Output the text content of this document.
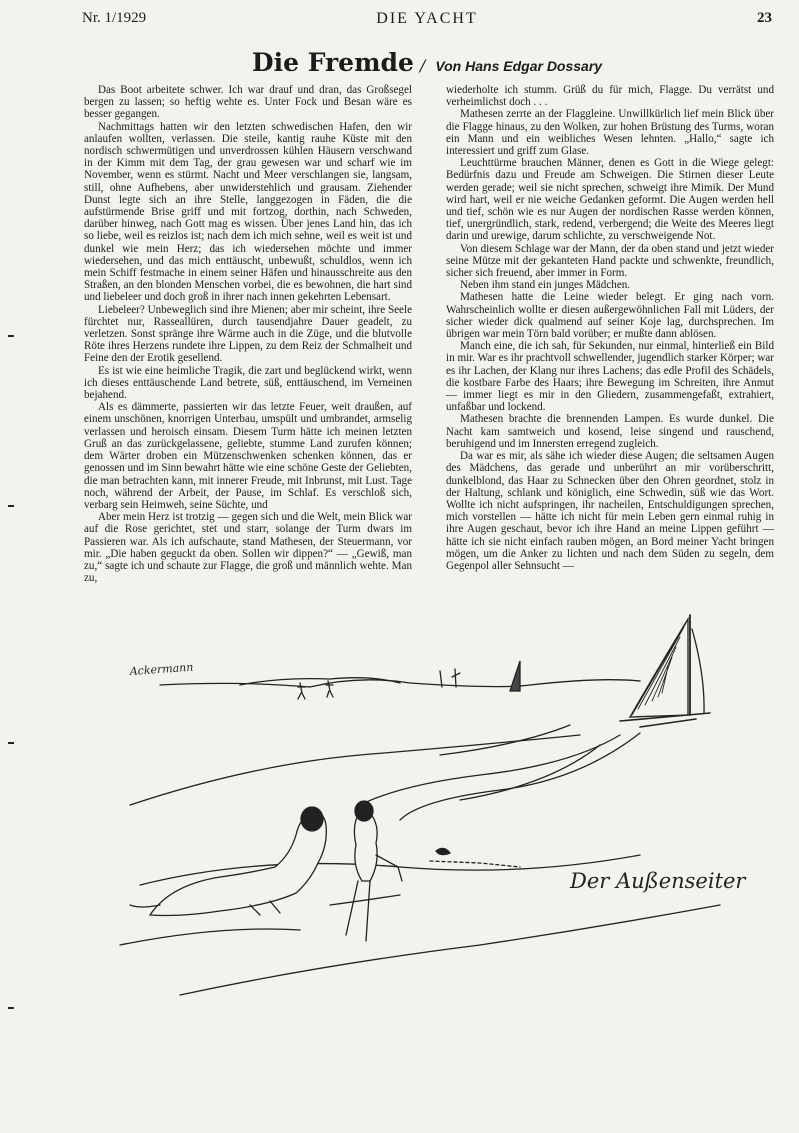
Nr. 1/1929	DIE YACHT	23
Die Fremde / Von Hans Edgar Dossary

Das Boot arbeitete schwer. Ich war drauf und dran, das Großsegel bergen zu lassen; so heftig wehte es. Unter Fock und Besan wäre es besser gegangen.

Nachmittags hatten wir den letzten schwedischen Hafen, den wir anlaufen wollten, verlassen. Die steile, kantig rauhe Küste mit den nordisch schwermütigen und unverdrossen kühlen Häusern verschwand in der Kimm mit dem Tag, der grau gewesen war und scharf wie im November, wenn es stürmt. Nacht und Meer verschlangen sie, langsam, still, ohne Aufhebens, aber unwiderstehlich und grausam. Ziehender Dunst legte sich an ihre Stelle, langgezogen in Fäden, die die aufstürmende Brise griff und mit fortzog, dorthin, nach Schweden, darüber hinweg, nach Gott mag es wissen. Über jenes Land hin, das ich so liebe, weil es reizlos ist; nach dem ich mich sehne, weil es weit ist und dunkel wie mein Herz; das ich wiedersehen möchte und immer wiedersehen, und das mich enttäuscht, unbewußt, schuldlos, wenn ich mein Schiff festmache in einem seiner Häfen und hinausschreite aus den Straßen, an den blonden Menschen vorbei, die es bewohnen, die hart sind und liebeleer und doch groß in ihrer nach innen gekehrten Lebensart.

Liebeleer? Unbeweglich sind ihre Mienen; aber mir scheint, ihre Seele fürchtet nur, Rasseallüren, durch tausendjahre Dauer geadelt, zu verletzen. Sonst spränge ihre Wärme auch in die Züge, und die blutvolle Röte ihres Herzens rundete ihre Lippen, zu dem Reiz der Schmalheit und Feine den der Erotik gesellend.

Es ist wie eine heimliche Tragik, die zart und beglückend wirkt, wenn ich dieses enttäuschende Land betrete, süß, enttäuschend, im Verneinen bejahend.

Als es dämmerte, passierten wir das letzte Feuer, weit draußen, auf einem unschönen, knorrigen Unterbau, umspült und umbrandet, armselig verlassen und heroisch einsam. Diesem Turm hätte ich meinen letzten Gruß an das zurückgelassene, geliebte, stumme Land zurufen können; dem Wärter droben ein Mützenschwenken schenken können, das er genossen und im Sinn bewahrt hätte wie eine schöne Geste der Geliebten, die man betrachten kann, mit innerer Freude, mit Inbrunst, mit Lust. Tage noch, während der Arbeit, der Pause, im Schlaf. Es verschloß sich, verbarg sein Heimweh, seine Süchte, und

Aber mein Herz ist trotzig — gegen sich und die Welt, mein Blick war auf die Rose gerichtet, stet und starr, solange der Turm dwars im Passieren war. Als ich aufschaute, stand Mathesen, der Steuermann, vor mir. „Die haben geguckt da oben. Sollen wir dippen?“ — „Gewiß, man zu,“ sagte ich und schaute zur Flagge, die groß und männlich wehte. Man zu,

wiederholte ich stumm. Grüß du für mich, Flagge. Du verrätst und verheimlichst doch . . .

Mathesen zerrte an der Flaggleine. Unwillkürlich lief mein Blick über die Flagge hinaus, zu den Wolken, zur hohen Brüstung des Turms, woran ein Mann und ein weibliches Wesen lehnten. „Hallo,“ sagte ich interessiert und griff zum Glase.

Leuchttürme brauchen Männer, denen es Gott in die Wiege gelegt: Bedürfnis dazu und Freude am Schweigen. Die Stirnen dieser Leute werden gerade; weil sie nicht sprechen, schweigt ihre Mimik. Der Mund wird hart, weil er nie weiche Gedanken geformt. Die Augen werden hell und tief, schön wie es nur Augen der nordischen Rasse werden können, tief, unergründlich, stark, redend, verbergend; die Weite des Meeres liegt darin und urewige, darum schlichte, zu verschweigende Not.

Von diesem Schlage war der Mann, der da oben stand und jetzt wieder seine Mütze mit der gekanteten Hand packte und schwenkte, freundlich, sicher sich freuend, aber immer in Form.

Neben ihm stand ein junges Mädchen.

Mathesen hatte die Leine wieder belegt. Er ging nach vorn. Wahrscheinlich wollte er diesen außergewöhnlichen Fall mit Lüders, der sicher wieder dick qualmend auf seiner Koje lag, durchsprechen. Im übrigen war mein Törn bald vorüber; er mußte dann ablösen.

Manch eine, die ich sah, für Sekunden, nur einmal, hinterließ ein Bild in mir. War es ihr prachtvoll schwellender, jugendlich starker Körper; war es ihr Lachen, der Klang nur ihres Lachens; das edle Profil des Schädels, die kostbare Farbe des Haars; ihre Bewegung im Schreiten, ihre Anmut — immer liegt es mir in den Gliedern, zusammengefaßt, extrahiert, unfaßbar und lockend.

Mathesen brachte die brennenden Lampen. Es wurde dunkel. Die Nacht kam samtweich und kosend, leise singend und rauschend, beruhigend und im Innersten erregend zugleich.

Da war es mir, als sähe ich wieder diese Augen; die seltsamen Augen des Mädchens, das gerade und unberührt an mir vorüberschritt, dunkelblond, das Haar zu Schnecken über den Ohren geordnet, stolz in der Haltung, schlank und königlich, eine Schwedin, süß wie das Wort. Wollte ich nicht aufspringen, ihr nacheilen, Entschuldigungen sprechen, mich vorstellen — hätte ich nicht für mein Leben gern einmal ruhig in ihre Augen geschaut, bevor ich ihre Hand an meine Lippen geführt — hätte ich sie nicht einfach rauben mögen, an Bord meiner Yacht bringen mögen, um die Anker zu lichten und nach dem Süden zu segeln, dem Gegenpol aller Sehnsucht —

Ackermann
Der Außenseiter
